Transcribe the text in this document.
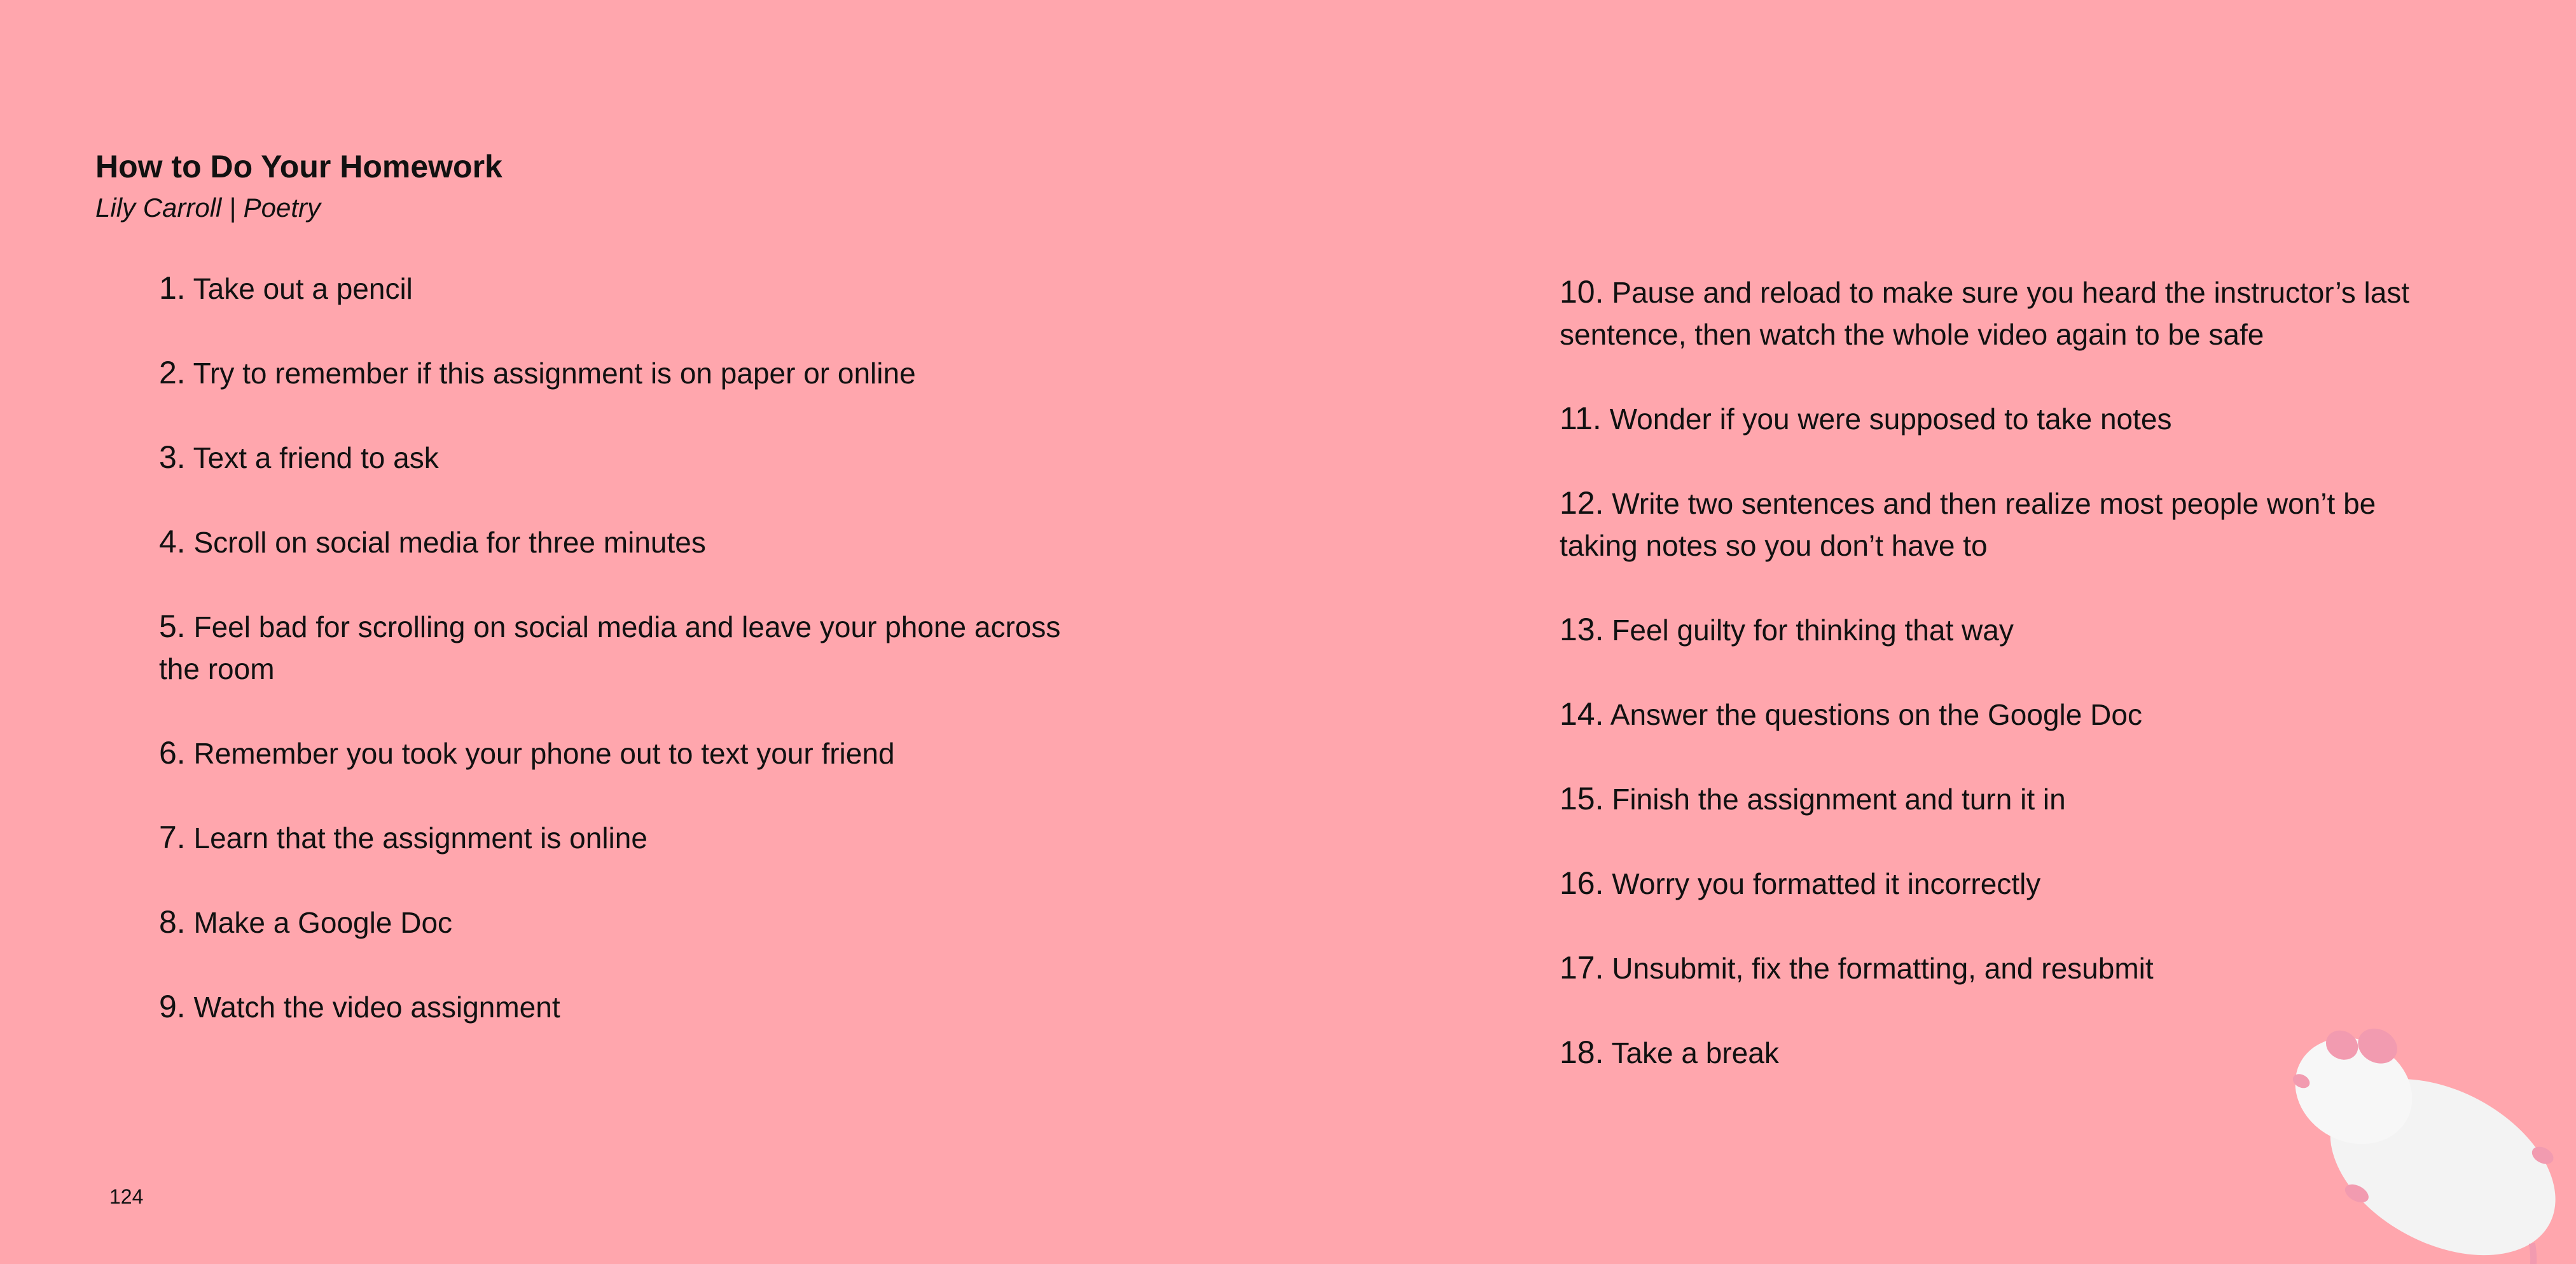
How to Do Your Homework
Lily Carroll | Poetry
1. Take out a pencil
2. Try to remember if this assignment is on paper or online
3. Text a friend to ask
4. Scroll on social media for three minutes
5. Feel bad for scrolling on social media and leave your phone across the room
6. Remember you took your phone out to text your friend
7. Learn that the assignment is online
8. Make a Google Doc
9. Watch the video assignment
10. Pause and reload to make sure you heard the instructor’s last sentence, then watch the whole video again to be safe
11. Wonder if you were supposed to take notes
12. Write two sentences and then realize most people won’t be taking notes so you don’t have to
13. Feel guilty for thinking that way
14. Answer the questions on the Google Doc
15. Finish the assignment and turn it in
16. Worry you formatted it incorrectly
17. Unsubmit, fix the formatting, and resubmit
18. Take a break
124
